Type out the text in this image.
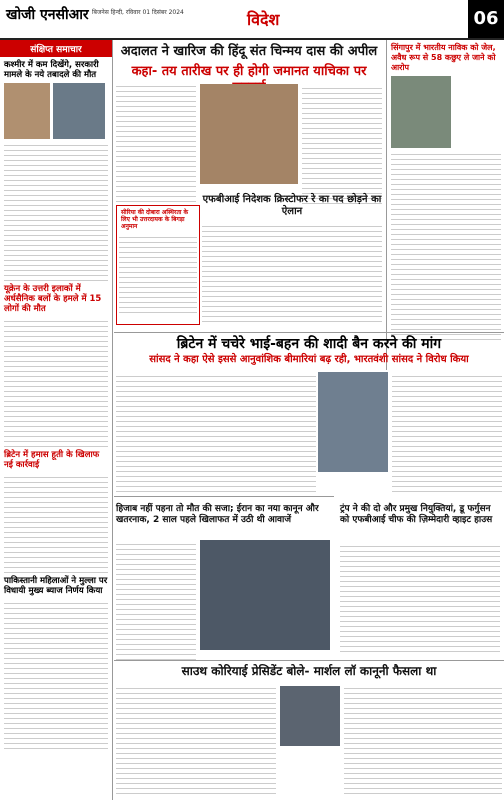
खोजी एनसीआर बिजनेस हिन्दी, रविवार 01 दिसंबर 2024	विदेश	06
संक्षिप्त समाचार
कश्मीर में कम दिखेंगे, सरकारी मामले के नये तबादले की मौत
यूक्रेन के उत्तरी इलाकों में अर्धसैनिक बलों के हमले में 15 लोगों की मौत
ब्रिटेन में हमास हूती के खिलाफ नई कार्रवाई
पाकिस्तानी महिलाओं ने मुल्ला पर विधायी मुख्य ब्याज निर्णय किया
अदालत ने खारिज की हिंदू संत चिन्मय दास की अपील
कहा- तय तारीख पर ही होगी जमानत याचिका पर
एफबीआई निदेशक क्रिस्टोफर रे का पद छोड़ने का ऐलान
सीरिया की दोबारा अस्थिरता के लिए भी उत्तरदायक के बिगड़ा अनुमान
सिंगापुर में भारतीय नाविक को जेल, अवैध रूप से 58 कछुए ले जाने को आरोप
ब्रिटेन में चचेरे भाई-बहन की शादी बैन करने की मांग
सांसद ने कहा ऐसे इससे आनुवांशिक बीमारियां बढ़ रही, भारतवंशी सांसद ने विरोध किया
हिजाब नहीं पहना तो मौत की सजा; ईरान का नया कानून और खतरनाक, 2 साल पहले खिलाफत में उठी थी आवाजें
ट्रंप ने की दो और प्रमुख नियुक्तियां, डू फर्गुसन को एफबीआई चीफ की ज़िम्मेदारी व्हाइट हाउस
साउथ कोरियाई प्रेसिडेंट बोले- मार्शल लॉ कानूनी फैसला था
